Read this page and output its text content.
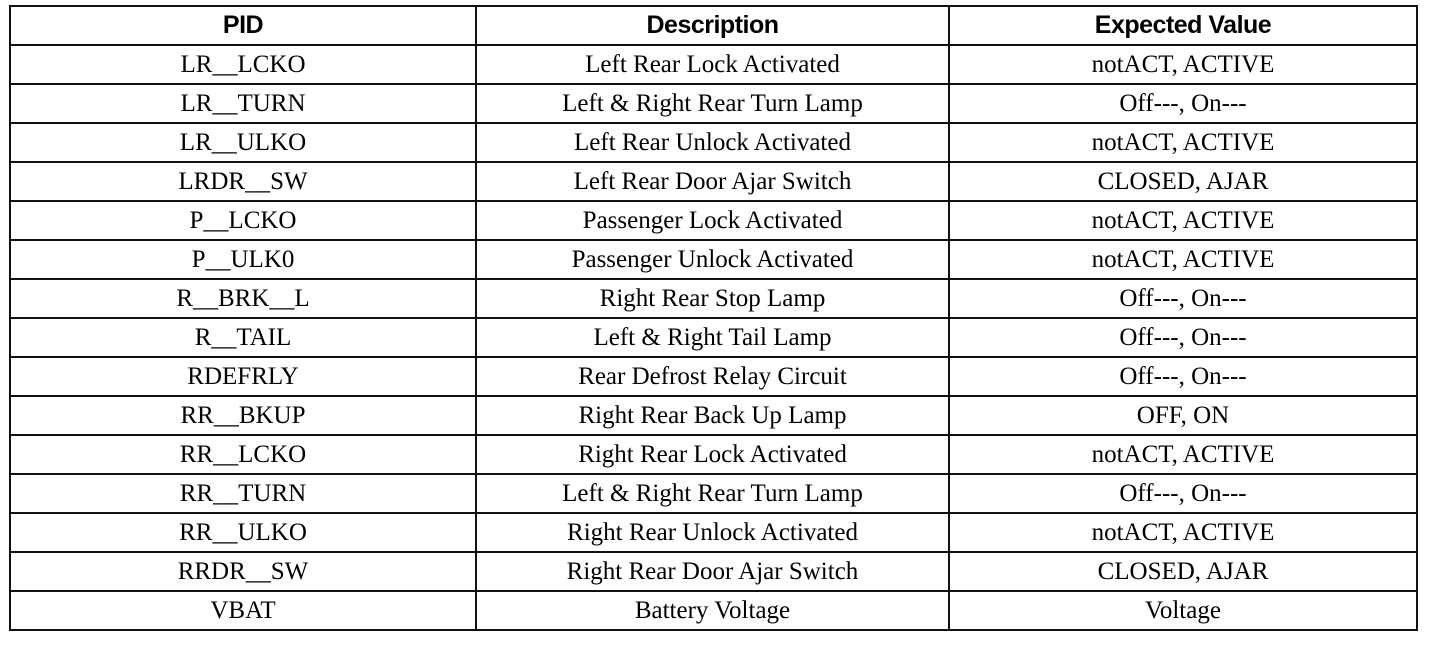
PID	Description	Expected Value
LR__LCKO	Left Rear Lock Activated	notACT, ACTIVE
LR__TURN	Left & Right Rear Turn Lamp	Off---, On---
LR__ULKO	Left Rear Unlock Activated	notACT, ACTIVE
LRDR__SW	Left Rear Door Ajar Switch	CLOSED, AJAR
P__LCKO	Passenger Lock Activated	notACT, ACTIVE
P__ULK0	Passenger Unlock Activated	notACT, ACTIVE
R__BRK__L	Right Rear Stop Lamp	Off---, On---
R__TAIL	Left & Right Tail Lamp	Off---, On---
RDEFRLY	Rear Defrost Relay Circuit	Off---, On---
RR__BKUP	Right Rear Back Up Lamp	OFF, ON
RR__LCKO	Right Rear Lock Activated	notACT, ACTIVE
RR__TURN	Left & Right Rear Turn Lamp	Off---, On---
RR__ULKO	Right Rear Unlock Activated	notACT, ACTIVE
RRDR__SW	Right Rear Door Ajar Switch	CLOSED, AJAR
VBAT	Battery Voltage	Voltage
